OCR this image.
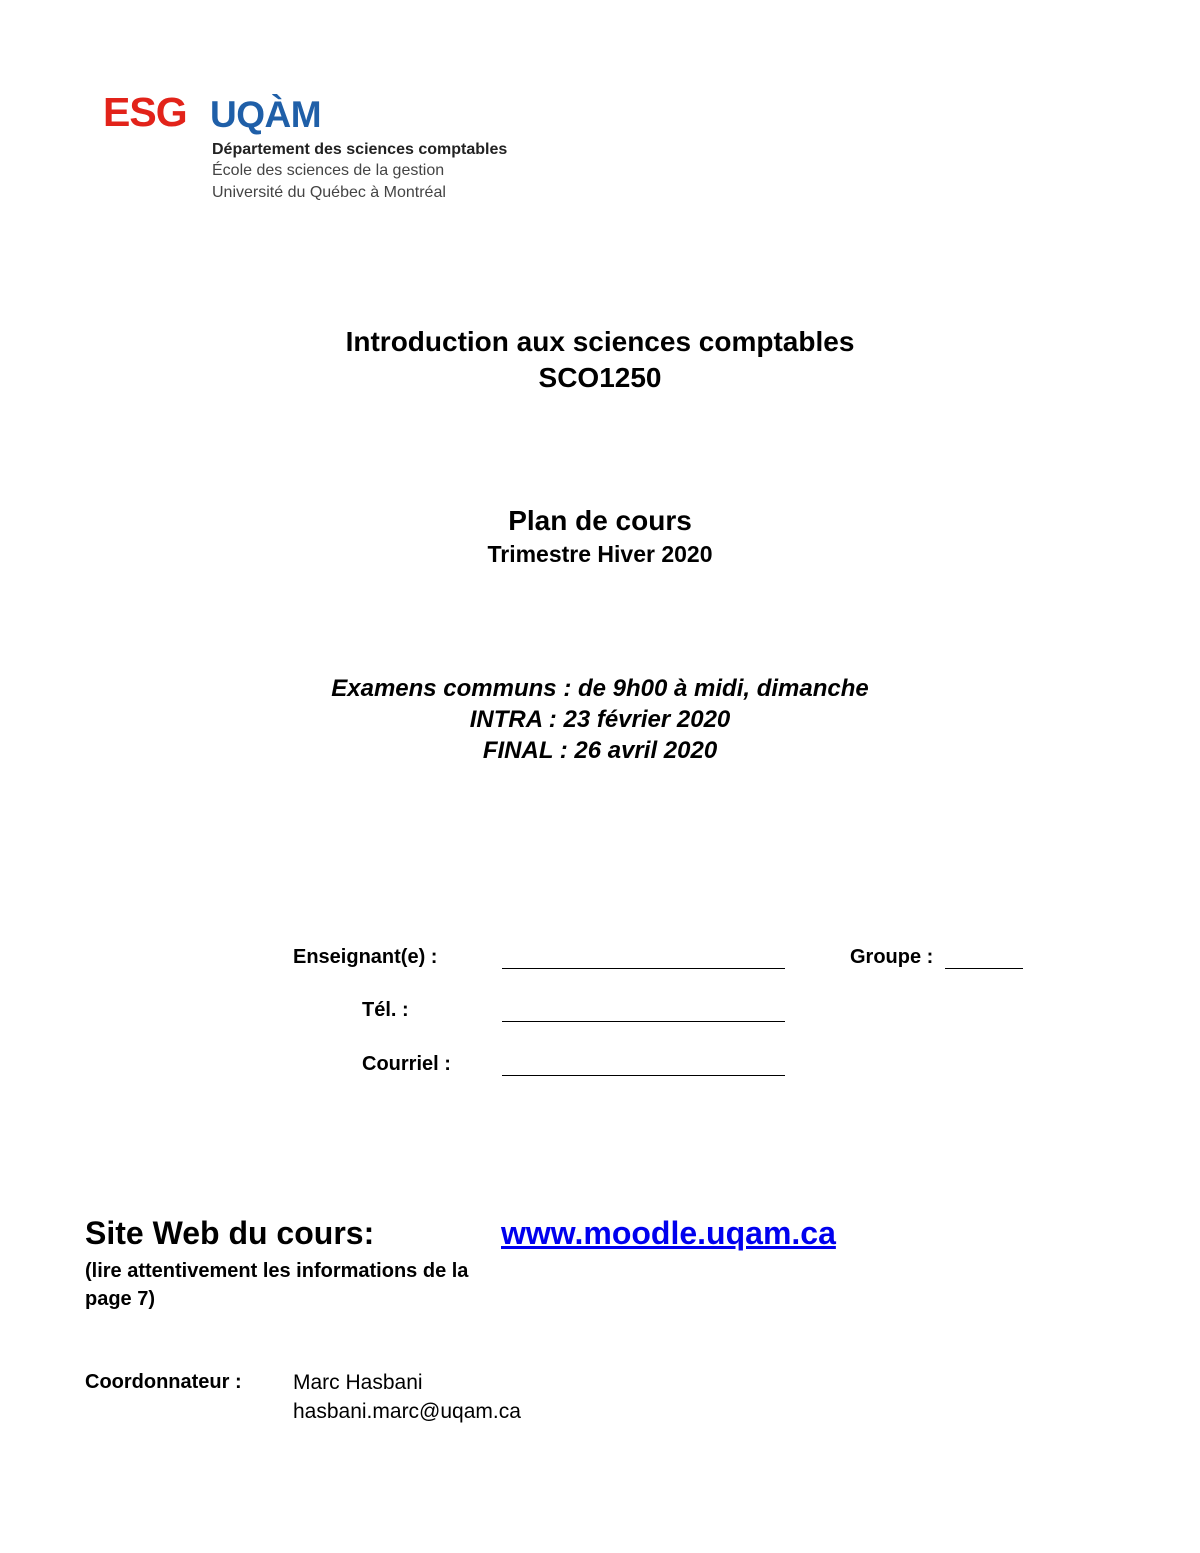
ESG UQÀM
Département des sciences comptables
École des sciences de la gestion
Université du Québec à Montréal
Introduction aux sciences comptables
SCO1250
Plan de cours
Trimestre Hiver 2020
Examens communs : de 9h00 à midi, dimanche
INTRA : 23 février 2020
FINAL : 26 avril 2020
Enseignant(e) :	Groupe :
Tél. :
Courriel :
Site Web du cours:	www.moodle.uqam.ca
(lire attentivement les informations de la page 7)
Coordonnateur : Marc Hasbani
hasbani.marc@uqam.ca
